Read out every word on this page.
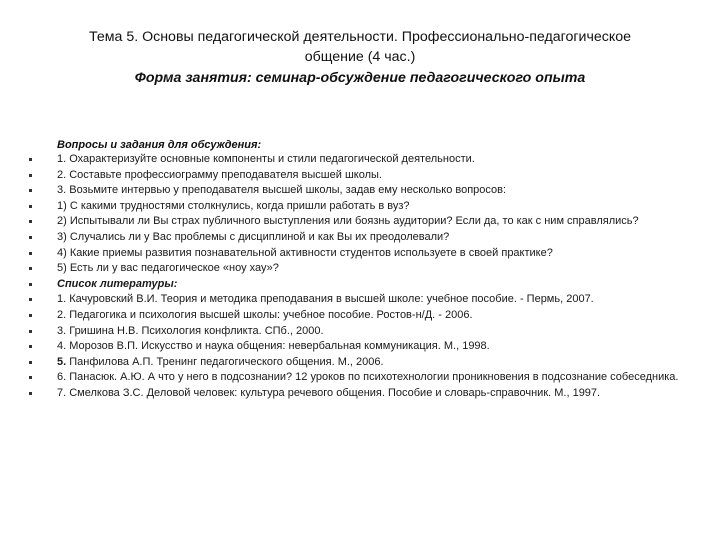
Тема 5. Основы педагогической деятельности. Профессионально-педагогическое
общение (4 час.)
Форма занятия: семинар-обсуждение педагогического опыта
Вопросы и задания для обсуждения:
1. Охарактеризуйте основные компоненты и стили педагогической деятельности.
2. Составьте профессиограмму преподавателя высшей школы.
3. Возьмите интервью у преподавателя высшей школы, задав ему несколько вопросов:
1) С какими трудностями столкнулись, когда пришли работать в вуз?
2) Испытывали ли Вы страх публичного выступления или боязнь аудитории? Если да, то как с ним справлялись?
3) Случались ли у Вас проблемы с дисциплиной и как Вы их преодолевали?
4) Какие приемы развития познавательной активности студентов используете в своей практике?
5) Есть ли у вас педагогическое «ноу хау»?
Список литературы:
1. Качуровский В.И. Теория и методика преподавания в высшей школе: учебное пособие. - Пермь, 2007.
2. Педагогика и психология высшей школы: учебное пособие. Ростов-н/Д. - 2006.
3. Гришина Н.В. Психология конфликта. СПб., 2000.
4. Морозов В.П. Искусство и наука общения: невербальная коммуникация. М., 1998.
5. Панфилова А.П. Тренинг педагогического общения. М., 2006.
6. Панасюк. А.Ю. А что у него в подсознании? 12 уроков по психотехнологии проникновения в подсознание собеседника.
7. Смелкова З.С. Деловой человек: культура речевого общения. Пособие и словарь-справочник. М., 1997.
